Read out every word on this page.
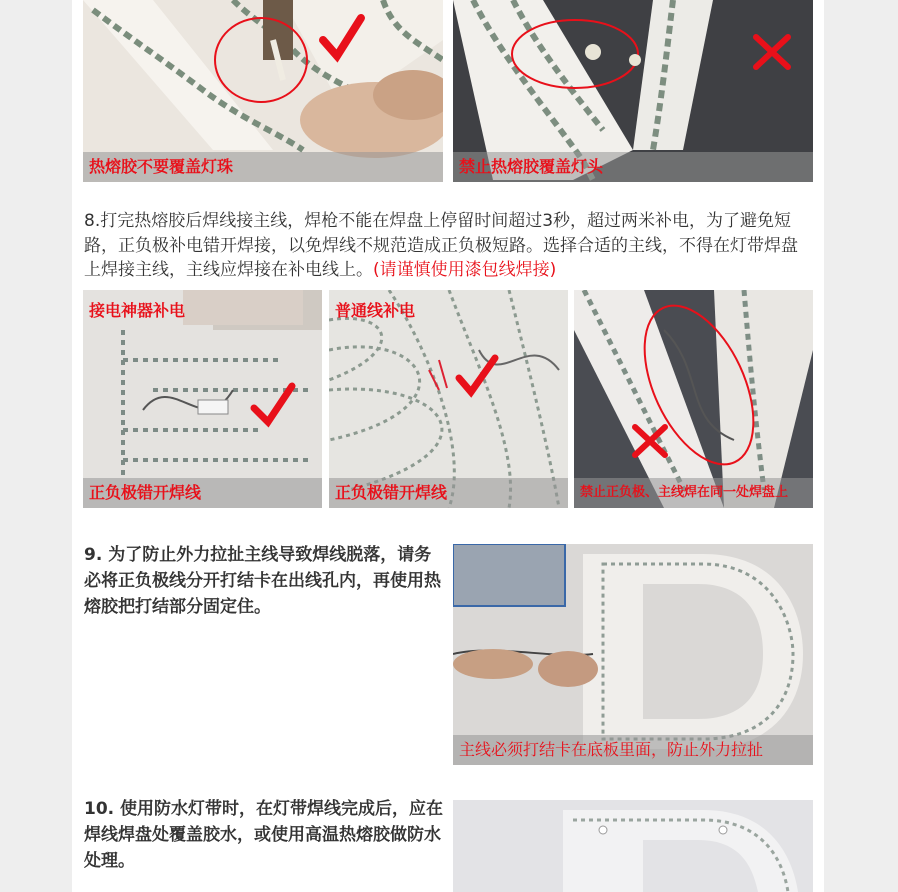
热熔胶不要覆盖灯珠	禁止热熔胶覆盖灯头
8.打完热熔胶后焊线接主线，焊枪不能在焊盘上停留时间超过3秒，超过两米补电，为了避免短路，正负极补电错开焊接，以免焊线不规范造成正负极短路。选择合适的主线，不得在灯带焊盘上焊接主线，主线应焊接在补电线上。(请谨慎使用漆包线焊接)
接电神器补电
正负极错开焊线
普通线补电
正负极错开焊线	禁止正负极、主线焊在同一处焊盘上
9. 为了防止外力拉扯主线导致焊线脱落，请务必将正负极线分开打结卡在出线孔内，再使用热熔胶把打结部分固定住。
主线必须打结卡在底板里面，防止外力拉扯
10. 使用防水灯带时，在灯带焊线完成后，应在焊线焊盘处覆盖胶水，或使用高温热熔胶做防水处理。
